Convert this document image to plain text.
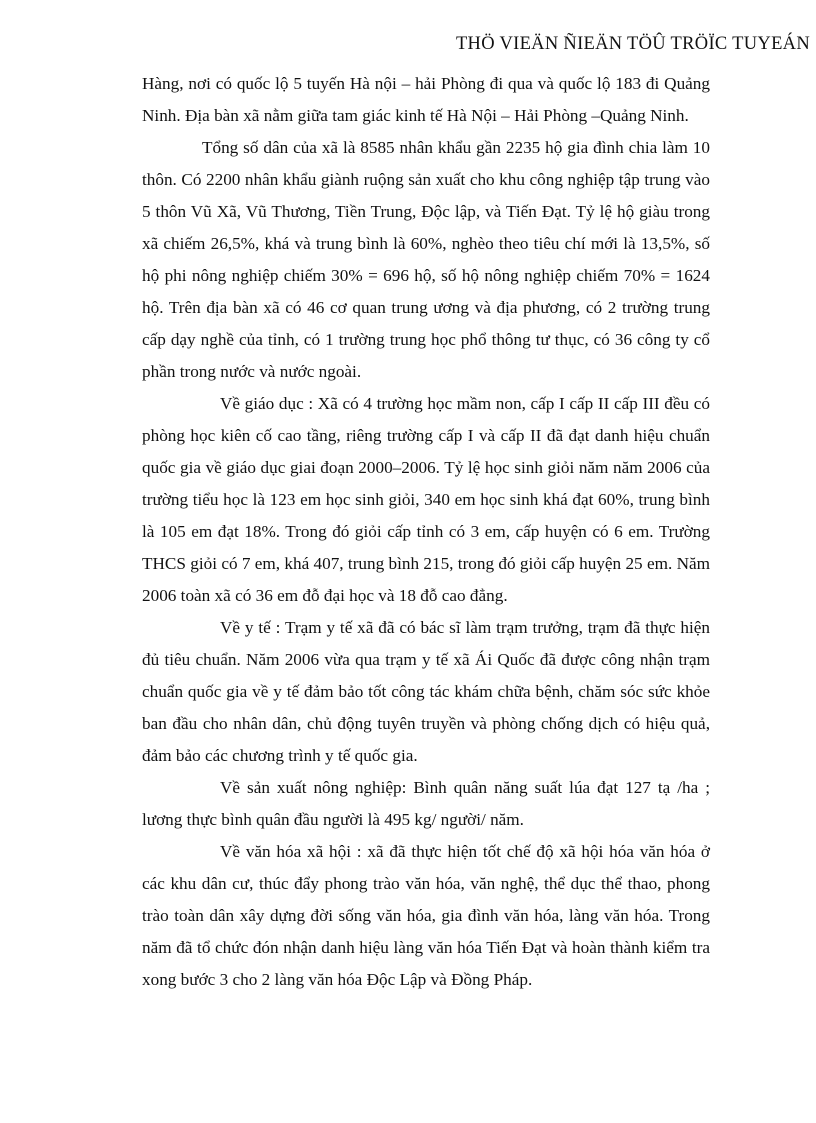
THÖ VIEÄN ÑIEÄN TÖÛ TRÖÏC TUYEÁN

Hàng, nơi có quốc lộ 5 tuyến Hà nội – hải Phòng đi qua và quốc lộ 183 đi Quảng Ninh. Địa bàn xã nằm giữa tam giác kinh tế Hà Nội – Hải Phòng –Quảng Ninh.

Tổng số dân của xã là 8585 nhân khẩu gần 2235 hộ gia đình chia làm 10 thôn. Có 2200 nhân khẩu giành ruộng sản xuất cho khu công nghiệp tập trung vào 5 thôn Vũ Xã, Vũ Thương, Tiền Trung, Độc lập, và Tiến Đạt. Tỷ lệ hộ giàu trong xã chiếm 26,5%, khá và trung bình là 60%, nghèo theo tiêu chí mới là 13,5%, số hộ phi nông nghiệp chiếm 30% = 696 hộ, số hộ nông nghiệp chiếm 70% = 1624 hộ. Trên địa bàn xã có 46 cơ quan trung ương và địa phương, có 2 trường trung cấp dạy nghề của tỉnh, có 1 trường trung học phổ thông tư thục, có 36 công ty cổ phần trong nước và nước ngoài.

Về giáo dục : Xã có 4 trường học mầm non, cấp I cấp II cấp III đều có phòng học kiên cố cao tầng, riêng trường cấp I và cấp II đã đạt danh hiệu chuẩn quốc gia về giáo dục giai đoạn 2000–2006. Tỷ lệ học sinh giỏi năm năm 2006 của trường tiểu học là 123 em học sinh giỏi, 340 em học sinh khá đạt 60%, trung bình là 105 em đạt 18%. Trong đó giỏi cấp tỉnh có 3 em, cấp huyện có 6 em. Trường THCS giỏi có 7 em, khá 407, trung bình 215, trong đó giỏi cấp huyện 25 em. Năm 2006 toàn xã có 36 em đỗ đại học và 18 đỗ cao đẳng.

Về y tế : Trạm y tế xã đã có bác sĩ làm trạm trưởng, trạm đã thực hiện đủ tiêu chuẩn. Năm 2006 vừa qua trạm y tế xã Ái Quốc đã được công nhận trạm chuẩn quốc gia về y tế đảm bảo tốt công tác khám chữa bệnh, chăm sóc sức khỏe ban đầu cho nhân dân, chủ động tuyên truyền và phòng chống dịch có hiệu quả, đảm bảo các chương trình y tế quốc gia.

Về sản xuất nông nghiệp: Bình quân năng suất lúa đạt 127 tạ /ha ; lương thực bình quân đầu người là 495 kg/ người/ năm.

Về văn hóa xã hội : xã đã thực hiện tốt chế độ xã hội hóa văn hóa ở các khu dân cư, thúc đẩy phong trào văn hóa, văn nghệ, thể dục thể thao, phong trào toàn dân xây dựng đời sống văn hóa, gia đình văn hóa, làng văn hóa. Trong năm đã tổ chức đón nhận danh hiệu làng văn hóa Tiến Đạt và hoàn thành kiểm tra xong bước 3 cho 2 làng văn hóa Độc Lập và Đồng Pháp.
